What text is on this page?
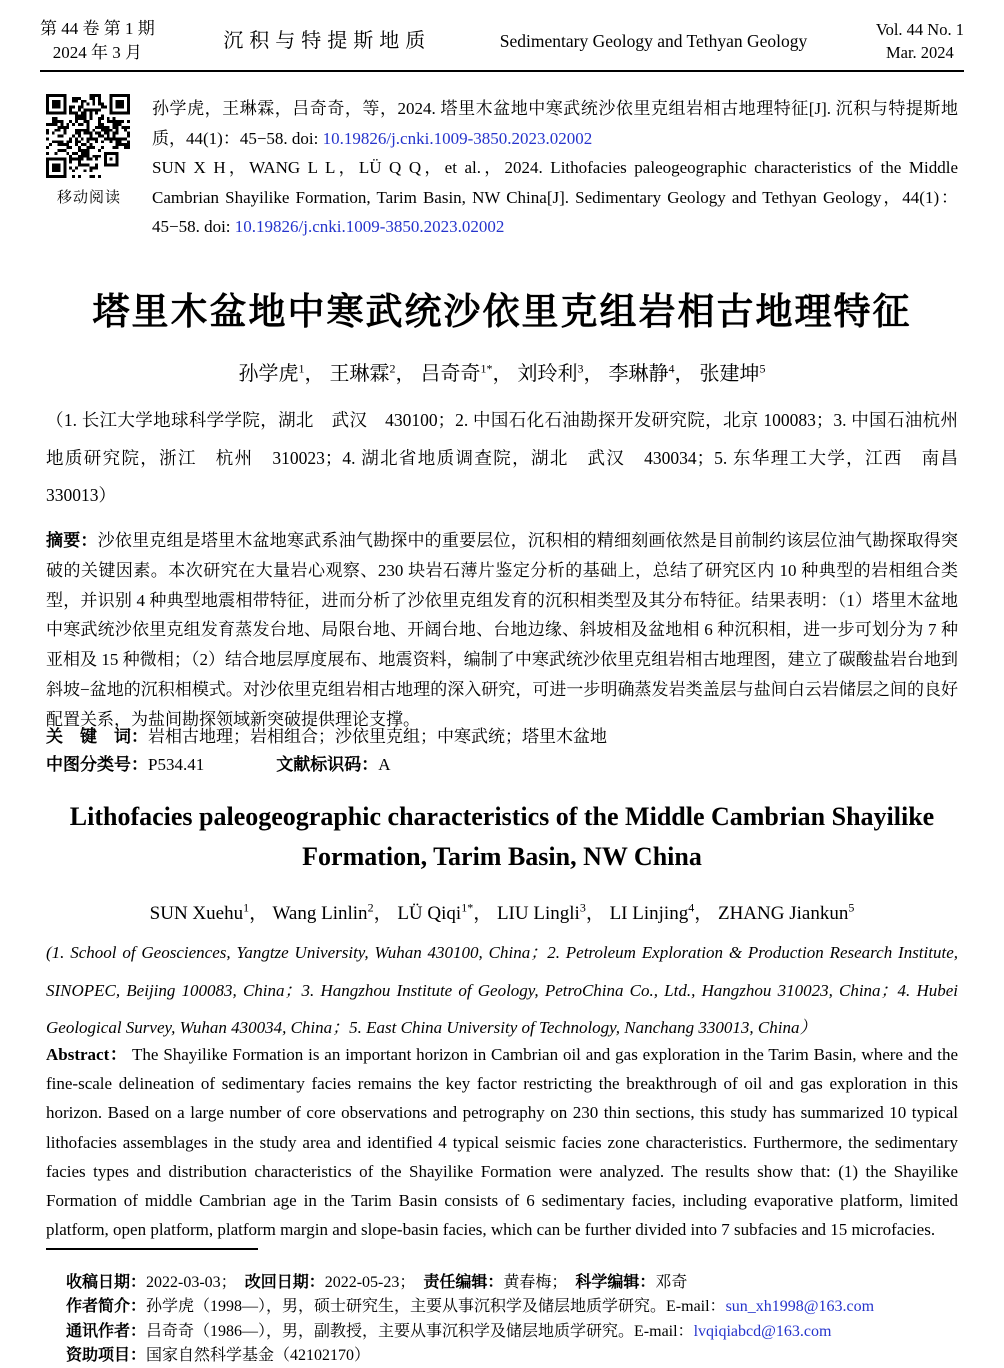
第 44 卷 第 1 期
2024 年 3 月
沉积与特提斯地质	Sedimentary Geology and Tethyan Geology
Vol. 44 No. 1
Mar. 2024
移动阅读
孙学虎，王琳霖，吕奇奇，等，2024. 塔里木盆地中寒武统沙依里克组岩相古地理特征[J]. 沉积与特提斯地质，44(1)：45−58. doi: 10.19826/j.cnki.1009-3850.2023.02002
SUN X H，WANG L L，LÜ Q Q，et al.，2024. Lithofacies paleogeographic characteristics of the Middle Cambrian Shayilike Formation, Tarim Basin, NW China[J]. Sedimentary Geology and Tethyan Geology，44(1)：45−58. doi: 10.19826/j.cnki.1009-3850.2023.02002
塔里木盆地中寒武统沙依里克组岩相古地理特征
孙学虎$^1$， 王琳霖$^2$， 吕奇奇$^{1*}$， 刘玲利$^3$， 李琳静$^4$， 张建坤$^5$
（1. 长江大学地球科学学院，湖北　武汉　430100；2. 中国石化石油勘探开发研究院，北京 100083；3. 中国石油杭州地质研究院，浙江　杭州　310023；4. 湖北省地质调查院，湖北　武汉　430034；5. 东华理工大学，江西　南昌　330013）
摘要：沙依里克组是塔里木盆地寒武系油气勘探中的重要层位，沉积相的精细刻画依然是目前制约该层位油气勘探取得突破的关键因素。本次研究在大量岩心观察、230 块岩石薄片鉴定分析的基础上，总结了研究区内 10 种典型的岩相组合类型，并识别 4 种典型地震相带特征，进而分析了沙依里克组发育的沉积相类型及其分布特征。结果表明：（1）塔里木盆地中寒武统沙依里克组发育蒸发台地、局限台地、开阔台地、台地边缘、斜坡相及盆地相 6 种沉积相，进一步可划分为 7 种亚相及 15 种微相；（2）结合地层厚度展布、地震资料，编制了中寒武统沙依里克组岩相古地理图，建立了碳酸盐岩台地到斜坡−盆地的沉积相模式。对沙依里克组岩相古地理的深入研究，可进一步明确蒸发岩类盖层与盐间白云岩储层之间的良好配置关系，为盐间勘探领域新突破提供理论支撑。
关　键　词：岩相古地理；岩相组合；沙依里克组；中寒武统；塔里木盆地
中图分类号：P534.41	文献标识码：A
Lithofacies paleogeographic characteristics of the Middle Cambrian Shayilike Formation, Tarim Basin, NW China
SUN Xuehu$^1$， Wang Linlin$^2$， LÜ Qiqi$^{1*}$， LIU Lingli$^3$， LI Linjing$^4$， ZHANG Jiankun$^5$
(1. School of Geosciences, Yangtze University, Wuhan 430100, China；2. Petroleum Exploration & Production Research Institute, SINOPEC, Beijing 100083, China；3. Hangzhou Institute of Geology, PetroChina Co., Ltd., Hangzhou 310023, China；4. Hubei Geological Survey, Wuhan 430034, China；5. East China University of Technology, Nanchang 330013, China）
Abstract： The Shayilike Formation is an important horizon in Cambrian oil and gas exploration in the Tarim Basin, where and the fine-scale delineation of sedimentary facies remains the key factor restricting the breakthrough of oil and gas exploration in this horizon. Based on a large number of core observations and petrography on 230 thin sections, this study has summarized 10 typical lithofacies assemblages in the study area and identified 4 typical seismic facies zone characteristics. Furthermore, the sedimentary facies types and distribution characteristics of the Shayilike Formation were analyzed. The results show that: (1) the Shayilike Formation of middle Cambrian age in the Tarim Basin consists of 6 sedimentary facies, including evaporative platform, limited platform, open platform, platform margin and slope-basin facies, which can be further divided into 7 subfacies and 15 microfacies.
收稿日期：2022-03-03； 改回日期：2022-05-23； 责任编辑：黄春梅； 科学编辑：邓奇
作者简介：孙学虎（1998—），男，硕士研究生，主要从事沉积学及储层地质学研究。E-mail：sun_xh1998@163.com
通讯作者：吕奇奇（1986—），男，副教授，主要从事沉积学及储层地质学研究。E-mail：lvqiqiabcd@163.com
资助项目：国家自然科学基金（42102170）
